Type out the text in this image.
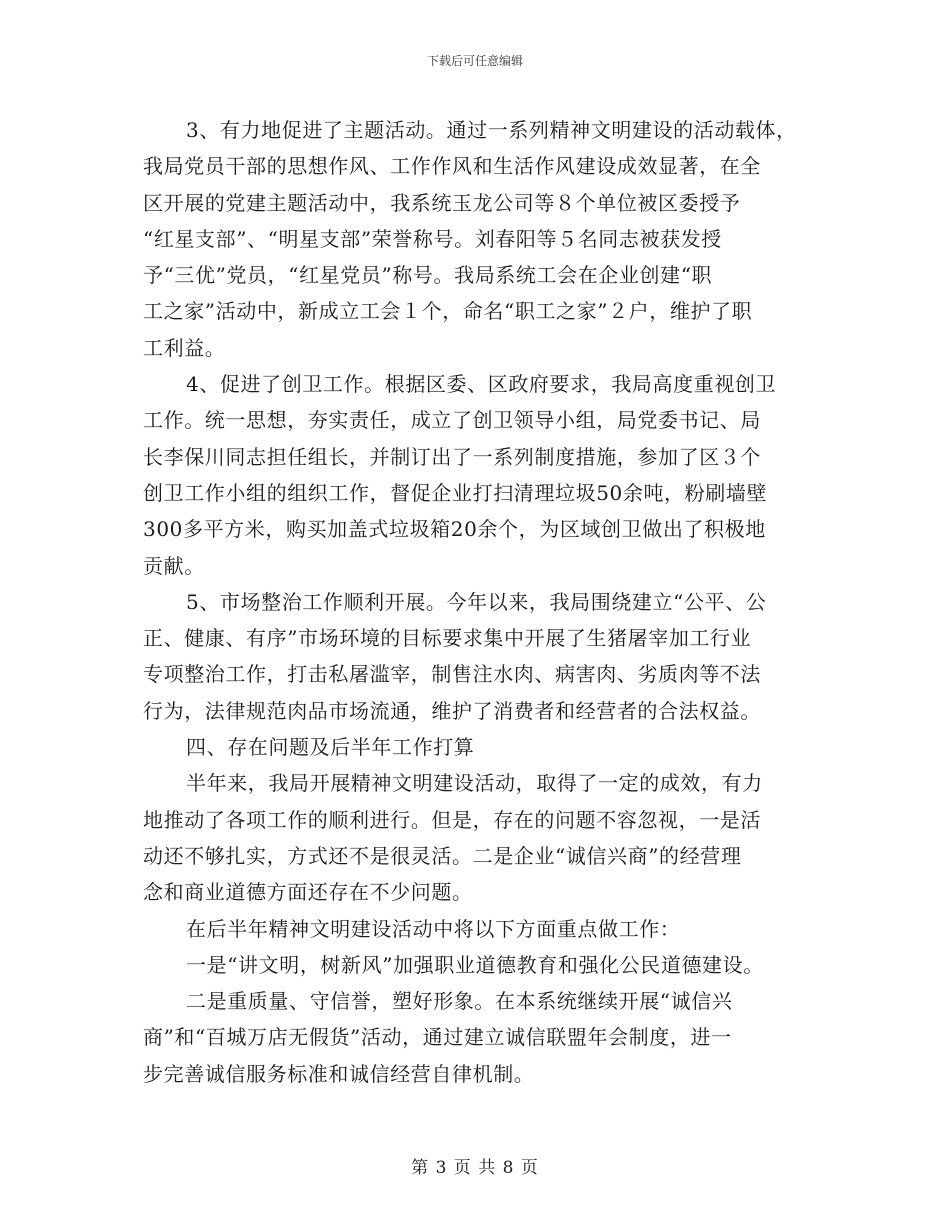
下载后可任意编辑
3、有力地促进了主题活动。通过一系列精神文明建设的活动载体，
我局党员干部的思想作风、工作作风和生活作风建设成效显著，在全
区开展的党建主题活动中，我系统玉龙公司等８个单位被区委授予
“红星支部”、“明星支部”荣誉称号。刘春阳等５名同志被获发授
予“三优”党员，“红星党员”称号。我局系统工会在企业创建“职
工之家”活动中，新成立工会１个，命名“职工之家”２户，维护了职
工利益。
4、促进了创卫工作。根据区委、区政府要求，我局高度重视创卫
工作。统一思想，夯实责任，成立了创卫领导小组，局党委书记、局
长李保川同志担任组长，并制订出了一系列制度措施，参加了区３个
创卫工作小组的组织工作，督促企业打扫清理垃圾50余吨，粉刷墙壁
300多平方米，购买加盖式垃圾箱20余个，为区域创卫做出了积极地
贡献。
5、市场整治工作顺利开展。今年以来，我局围绕建立“公平、公
正、健康、有序”市场环境的目标要求集中开展了生猪屠宰加工行业
专项整治工作，打击私屠滥宰，制售注水肉、病害肉、劣质肉等不法
行为，法律规范肉品市场流通，维护了消费者和经营者的合法权益。
四、存在问题及后半年工作打算
半年来，我局开展精神文明建设活动，取得了一定的成效，有力
地推动了各项工作的顺利进行。但是，存在的问题不容忽视，一是活
动还不够扎实，方式还不是很灵活。二是企业“诚信兴商”的经营理
念和商业道德方面还存在不少问题。
在后半年精神文明建设活动中将以下方面重点做工作：
一是“讲文明，树新风”加强职业道德教育和强化公民道德建设。
二是重质量、守信誉，塑好形象。在本系统继续开展“诚信兴
商”和“百城万店无假货”活动，通过建立诚信联盟年会制度，进一
步完善诚信服务标准和诚信经营自律机制。
第 3 页 共 8 页
